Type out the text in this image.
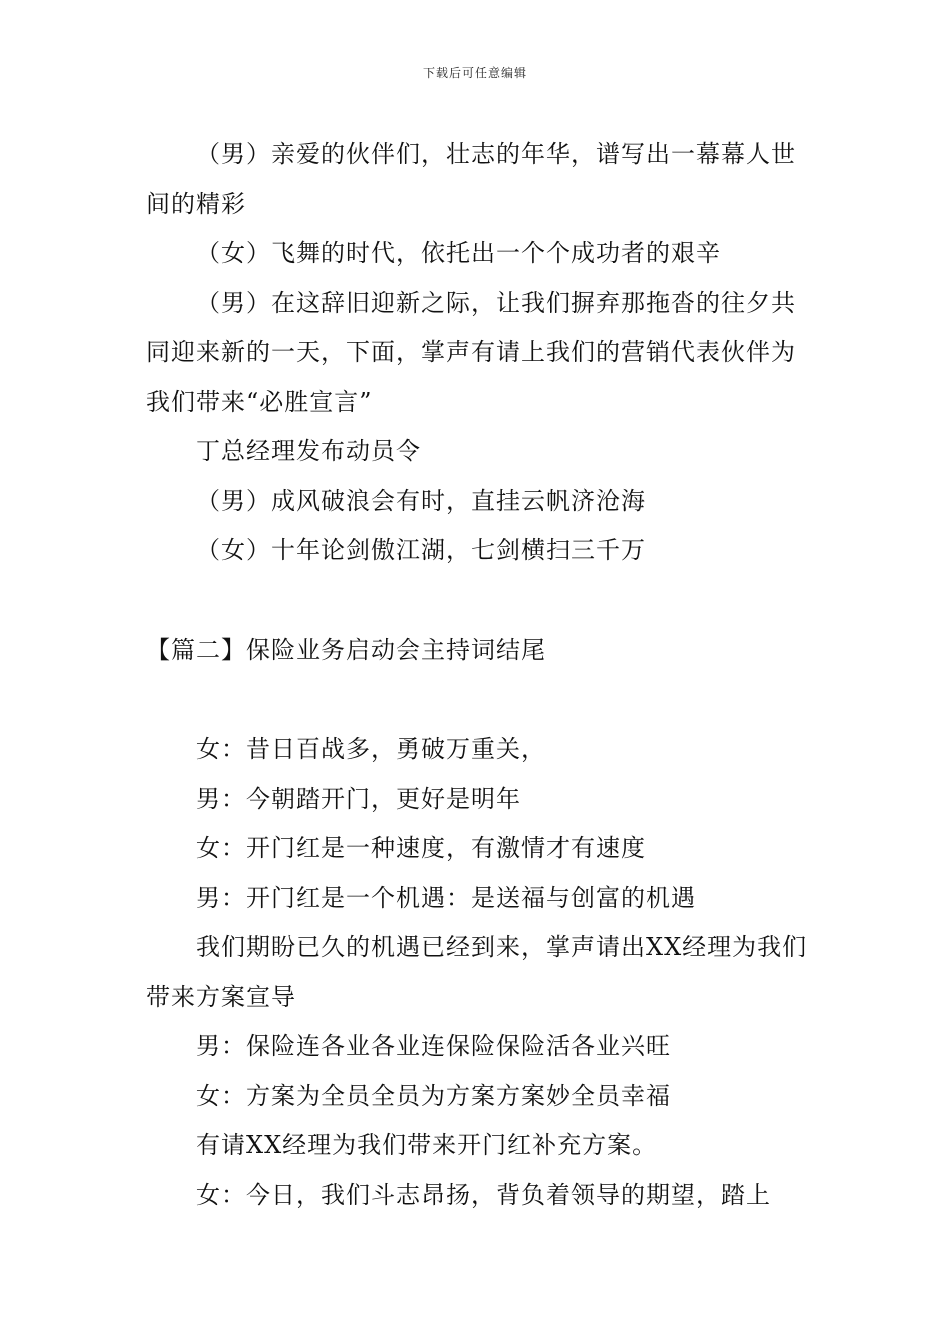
下载后可任意编辑

（男）亲爱的伙伴们，壮志的年华，谱写出一幕幕人世间的精彩

（女）飞舞的时代，依托出一个个成功者的艰辛

（男）在这辞旧迎新之际，让我们摒弃那拖沓的往夕共同迎来新的一天，下面，掌声有请上我们的营销代表伙伴为我们带来“必胜宣言”

丁总经理发布动员令

（男）成风破浪会有时，直挂云帆济沧海

（女）十年论剑傲江湖，七剑横扫三千万

【篇二】保险业务启动会主持词结尾

女：昔日百战多，勇破万重关，

男：今朝踏开门，更好是明年

女：开门红是一种速度，有激情才有速度

男：开门红是一个机遇：是送福与创富的机遇

我们期盼已久的机遇已经到来，掌声请出XX经理为我们带来方案宣导

男：保险连各业各业连保险保险活各业兴旺

女：方案为全员全员为方案方案妙全员幸福

有请XX经理为我们带来开门红补充方案。

女：今日，我们斗志昂扬，背负着领导的期望，踏上
